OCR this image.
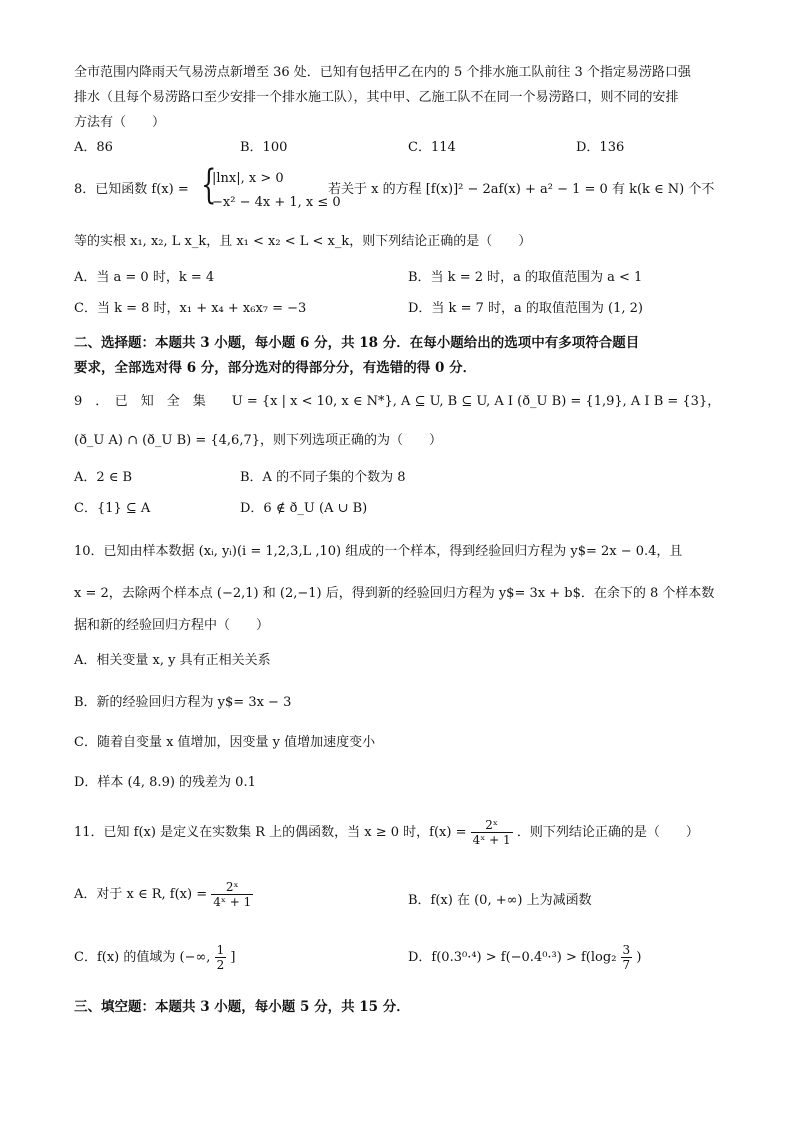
全市范围内降雨天气易涝点新增至 36 处．已知有包括甲乙在内的 5 个排水施工队前往 3 个指定易涝路口强
排水（且每个易涝路口至少安排一个排水施工队），其中甲、乙施工队不在同一个易涝路口，则不同的安排
方法有（　　）
A．86	B．100	C．114	D．136
8．已知函数 f(x) = {
|lnx|, x > 0
−x² − 4x + 1, x ≤ 0
若关于 x 的方程 [f(x)]² − 2af(x) + a² − 1 = 0 有 k(k ∈ N) 个不
等的实根 x₁, x₂, L x_k，且 x₁ < x₂ < L < x_k，则下列结论正确的是（　　）
A．当 a = 0 时，k = 4	B．当 k = 2 时，a 的取值范围为 a < 1
C．当 k = 8 时，x₁ + x₄ + x₆x₇ = −3	D．当 k = 7 时，a 的取值范围为 (1, 2)
二、选择题：本题共 3 小题，每小题 6 分，共 18 分．在每小题给出的选项中有多项符合题目
要求，全部选对得 6 分，部分选对的得部分分，有选错的得 0 分．
9　．　已　知　全　集　　U = {x | x < 10, x ∈ N*}, A ⊆ U, B ⊆ U, A I (ð_U B) = {1,9}, A I B = {3}，
(ð_U A) ∩ (ð_U B) = {4,6,7}，则下列选项正确的为（　　）
A．2 ∈ B	B．A 的不同子集的个数为 8
C．{1} ⊆ A	D．6 ∉ ð_U (A ∪ B)
10．已知由样本数据 (xᵢ, yᵢ)(i = 1,2,3,L ,10) 组成的一个样本，得到经验回归方程为 y$= 2x − 0.4，且
x = 2，去除两个样本点 (−2,1) 和 (2,−1) 后，得到新的经验回归方程为 y$= 3x + b$．在余下的 8 个样本数
据和新的经验回归方程中（　　）
A．相关变量 x, y 具有正相关关系
B．新的经验回归方程为 y$= 3x − 3
C．随着自变量 x 值增加，因变量 y 值增加速度变小
D．样本 (4, 8.9) 的残差为 0.1
11．已知 f(x) 是定义在实数集 R 上的偶函数，当 x ≥ 0 时，$f(x) = \frac{\text{2ˣ}}{\text{4ˣ + 1}}$ ．则下列结论正确的是（　　）
A．对于 x ∈ R, $f(x) = \frac{\text{2ˣ}}{\text{4ˣ + 1}}$	B．f(x) 在 (0, +∞) 上为减函数
C．f(x) 的值域为 (−∞, $\frac{1}{2}$ ]	D．$f(0.3^0\cdot^4) > f(-0.4^0\cdot^3) > f(\log_2 \frac{3}{7}$ )
三、填空题：本题共 3 小题，每小题 5 分，共 15 分．
